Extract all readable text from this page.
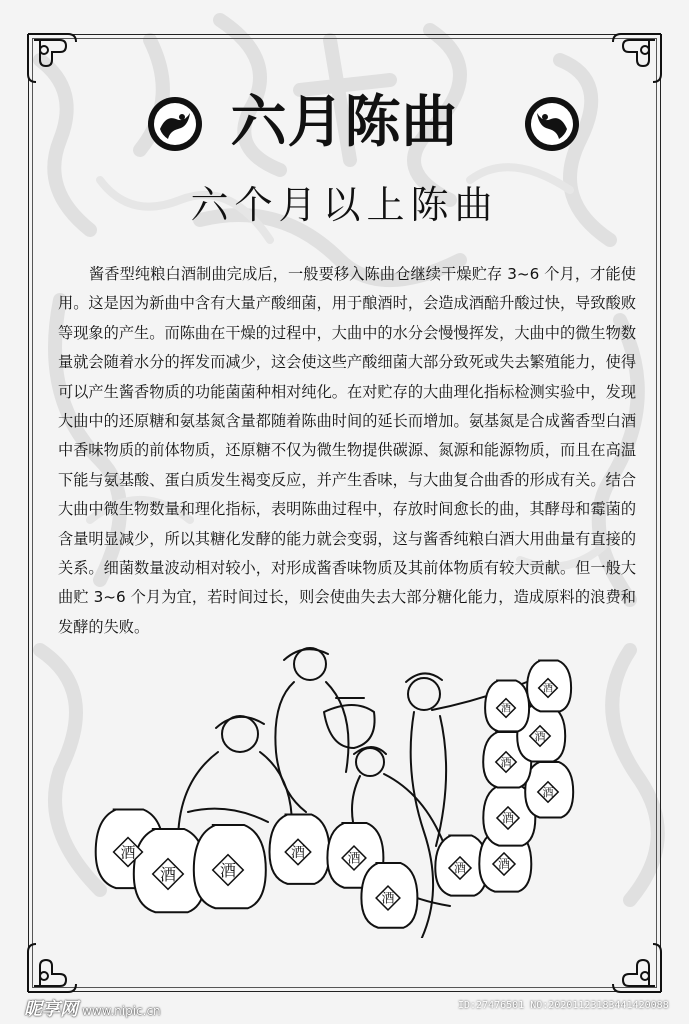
六月陈曲
六个月以上陈曲

酱香型纯粮白酒制曲完成后，一般要移入陈曲仓继续干燥贮存 3~6 个月，才能使用。这是因为新曲中含有大量产酸细菌，用于酿酒时，会造成酒醅升酸过快，导致酸败等现象的产生。而陈曲在干燥的过程中，大曲中的水分会慢慢挥发，大曲中的微生物数量就会随着水分的挥发而减少，这会使这些产酸细菌大部分致死或失去繁殖能力，使得可以产生酱香物质的功能菌菌种相对纯化。在对贮存的大曲理化指标检测实验中，发现大曲中的还原糖和氨基氮含量都随着陈曲时间的延长而增加。氨基氮是合成酱香型白酒中香味物质的前体物质，还原糖不仅为微生物提供碳源、氮源和能源物质，而且在高温下能与氨基酸、蛋白质发生褐变反应，并产生香味，与大曲复合曲香的形成有关。结合大曲中微生物数量和理化指标，表明陈曲过程中，存放时间愈长的曲，其酵母和霉菌的含量明显减少，所以其糖化发酵的能力就会变弱，这与酱香纯粮白酒大用曲量有直接的关系。细菌数量波动相对较小，对形成酱香味物质及其前体物质有较大贡献。但一般大曲贮 3~6 个月为宜，若时间过长，则会使曲失去大部分糖化能力，造成原料的浪费和发酵的失败。

酒
酒	酒
酒	酒
酒
酒	酒
酒
酒
酒
酒
酒
酒
昵享网 www.nipic.cn	ID:27476501 NO:20201123183441420088
